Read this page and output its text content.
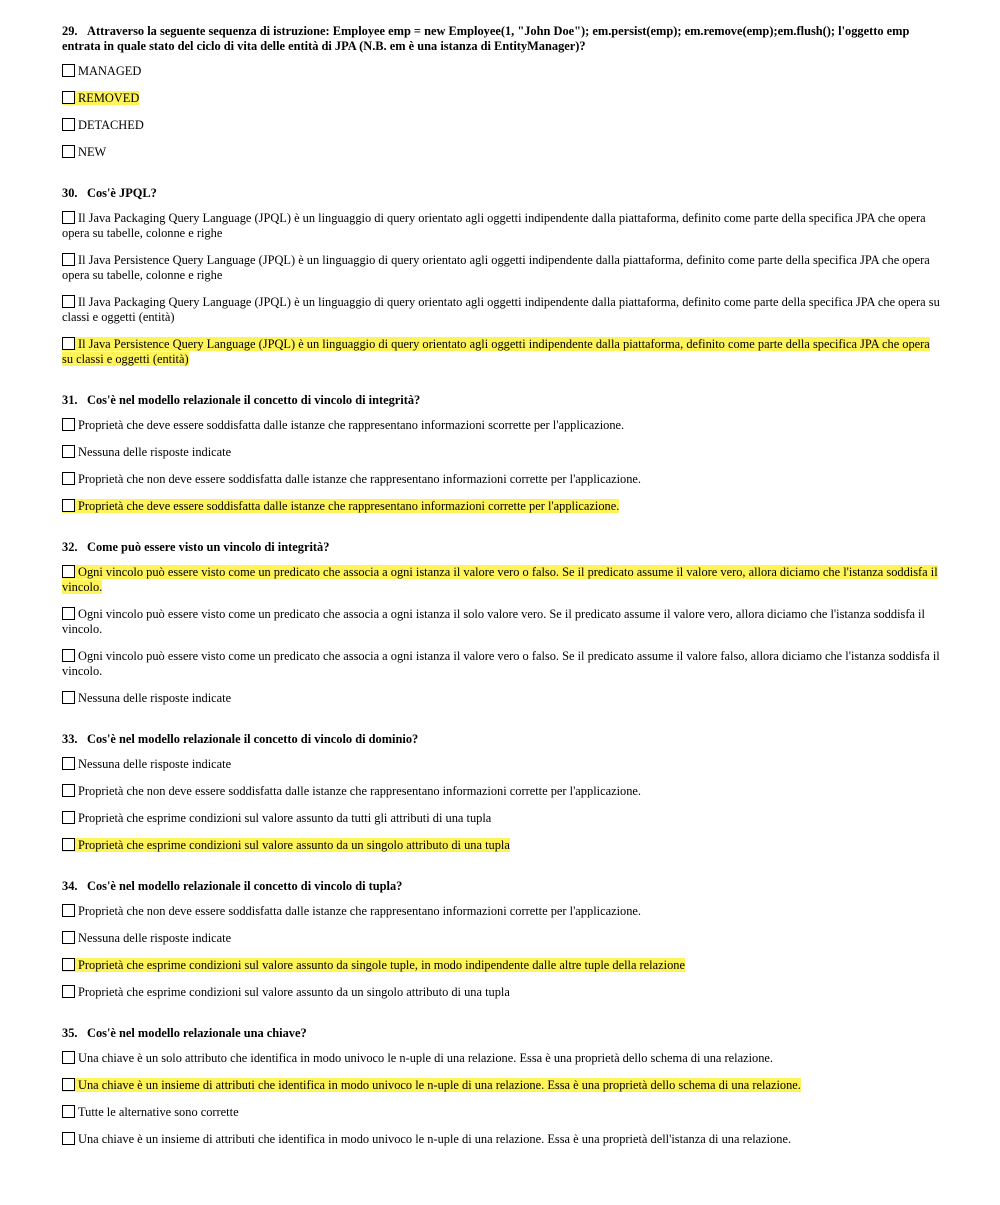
29. Attraverso la seguente sequenza di istruzione: Employee emp = new Employee(1, "John Doe"); em.persist(emp); em.remove(emp);em.flush(); l'oggetto emp entrata in quale stato del ciclo di vita delle entità di JPA (N.B. em è una istanza di EntityManager)?

MANAGED

REMOVED

DETACHED

NEW

30. Cos'è JPQL?

Il Java Packaging Query Language (JPQL) è un linguaggio di query orientato agli oggetti indipendente dalla piattaforma, definito come parte della specifica JPA che opera opera su tabelle, colonne e righe

Il Java Persistence Query Language (JPQL) è un linguaggio di query orientato agli oggetti indipendente dalla piattaforma, definito come parte della specifica JPA che opera opera su tabelle, colonne e righe

Il Java Packaging Query Language (JPQL) è un linguaggio di query orientato agli oggetti indipendente dalla piattaforma, definito come parte della specifica JPA che opera su classi e oggetti (entità)

Il Java Persistence Query Language (JPQL) è un linguaggio di query orientato agli oggetti indipendente dalla piattaforma, definito come parte della specifica JPA che opera su classi e oggetti (entità)

31. Cos'è nel modello relazionale il concetto di vincolo di integrità?

Proprietà che deve essere soddisfatta dalle istanze che rappresentano informazioni scorrette per l'applicazione.

Nessuna delle risposte indicate

Proprietà che non deve essere soddisfatta dalle istanze che rappresentano informazioni corrette per l'applicazione.

Proprietà che deve essere soddisfatta dalle istanze che rappresentano informazioni corrette per l'applicazione.

32. Come può essere visto un vincolo di integrità?

Ogni vincolo può essere visto come un predicato che associa a ogni istanza il valore vero o falso. Se il predicato assume il valore vero, allora diciamo che l'istanza soddisfa il vincolo.

Ogni vincolo può essere visto come un predicato che associa a ogni istanza il solo valore vero. Se il predicato assume il valore vero, allora diciamo che l'istanza soddisfa il vincolo.

Ogni vincolo può essere visto come un predicato che associa a ogni istanza il valore vero o falso. Se il predicato assume il valore falso, allora diciamo che l'istanza soddisfa il vincolo.

Nessuna delle risposte indicate

33. Cos'è nel modello relazionale il concetto di vincolo di dominio?

Nessuna delle risposte indicate

Proprietà che non deve essere soddisfatta dalle istanze che rappresentano informazioni corrette per l'applicazione.

Proprietà che esprime condizioni sul valore assunto da tutti gli attributi di una tupla

Proprietà che esprime condizioni sul valore assunto da un singolo attributo di una tupla

34. Cos'è nel modello relazionale il concetto di vincolo di tupla?

Proprietà che non deve essere soddisfatta dalle istanze che rappresentano informazioni corrette per l'applicazione.

Nessuna delle risposte indicate

Proprietà che esprime condizioni sul valore assunto da singole tuple, in modo indipendente dalle altre tuple della relazione

Proprietà che esprime condizioni sul valore assunto da un singolo attributo di una tupla

35. Cos'è nel modello relazionale una chiave?

Una chiave è un solo attributo che identifica in modo univoco le n-uple di una relazione. Essa è una proprietà dello schema di una relazione.

Una chiave è un insieme di attributi che identifica in modo univoco le n-uple di una relazione. Essa è una proprietà dello schema di una relazione.

Tutte le alternative sono corrette

Una chiave è un insieme di attributi che identifica in modo univoco le n-uple di una relazione. Essa è una proprietà dell'istanza di una relazione.
